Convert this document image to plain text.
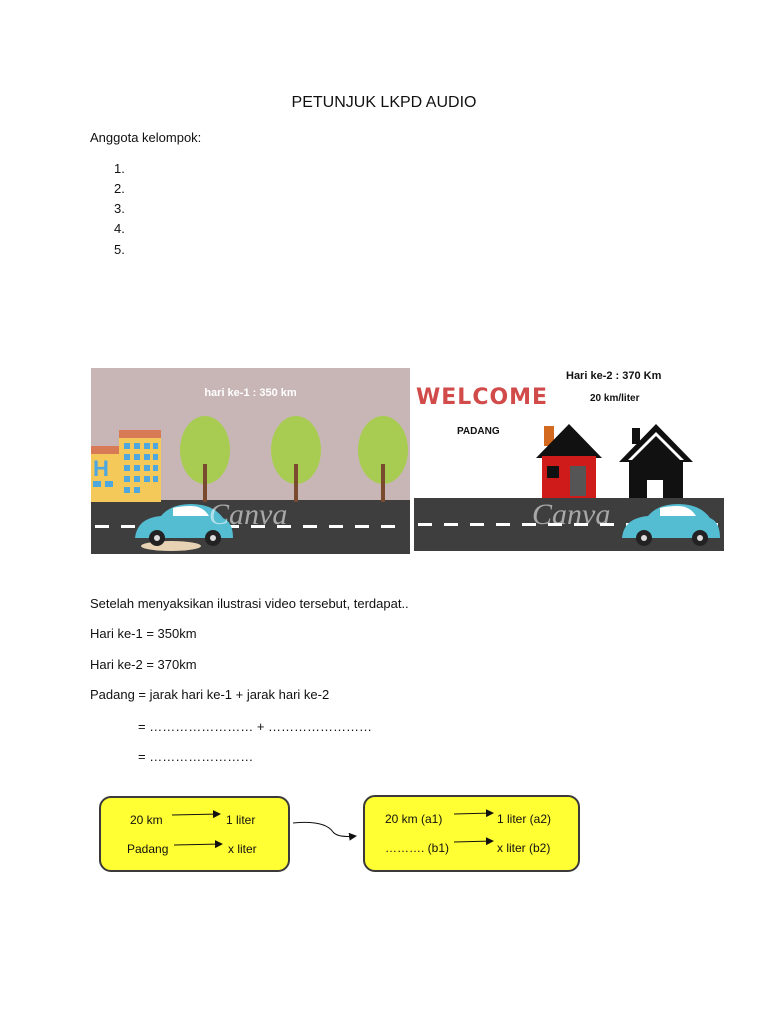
PETUNJUK LKPD AUDIO
Anggota kelompok:
1.
2.
3.
4.
5.
H
hari ke-1 : 350 km
Canva
Hari ke-2 : 370 Km
20 km/liter
WELCOME
PADANG
Canva
Setelah menyaksikan ilustrasi video tersebut, terdapat..
Hari ke-1 = 350km
Hari ke-2 = 370km
Padang = jarak hari ke-1 + jarak hari ke-2
= …………………… + ……………………
= ……………………
20 km	1 liter
Padang	x liter
20 km (a1)	1 liter (a2)
………. (b1)	x liter (b2)
